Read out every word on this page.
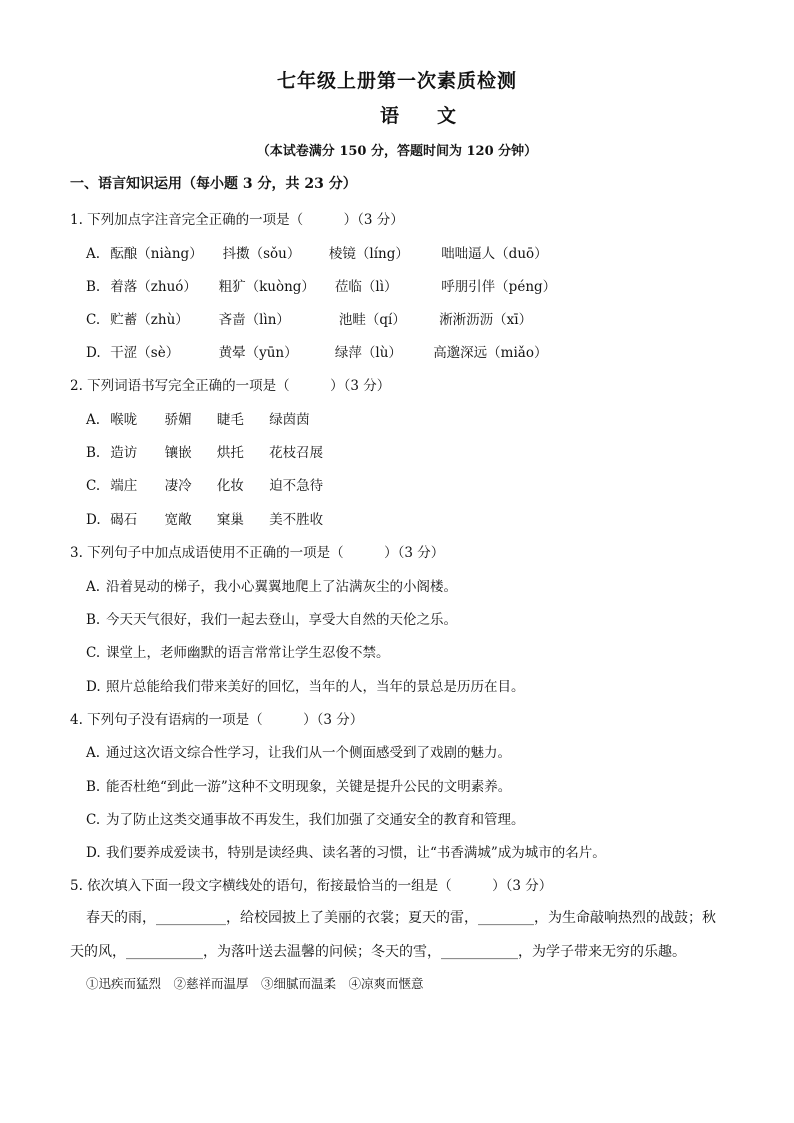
七年级上册第一次素质检测
语　　文
（本试卷满分 150 分，答题时间为 120 分钟）
一、语言知识运用（每小题 3 分，共 23 分）
1. 下列加点字注音完全正确的一项是（　　　）（3 分）
A. 酝酿（niàng） 抖擞（sǒu） 棱镜（líng） 咄咄逼人（duō）
B. 着落（zhuó） 粗犷（kuòng） 莅临（lì）	呼朋引伴（péng）
C. 贮蓄（zhù） 吝啬（lìn）	池畦（qí） 淅淅沥沥（xī）
D. 干涩（sè）	黄晕（yūn）	绿萍（lù） 高邈深远（miǎo）
2. 下列词语书写完全正确的一项是（　　　）（3 分）
A. 喉咙 骄媚 睫毛 绿茵茵
B. 造访 镶嵌 烘托 花枝召展
C. 端庄 凄冷 化妆 迫不急待
D. 碣石 宽敞 窠巢 美不胜收
3. 下列句子中加点成语使用不正确的一项是（　　　）（3 分）
A. 沿着晃动的梯子，我小心翼翼地爬上了沾满灰尘的小阁楼。
B. 今天天气很好，我们一起去登山，享受大自然的天伦之乐。
C. 课堂上，老师幽默的语言常常让学生忍俊不禁。
D. 照片总能给我们带来美好的回忆，当年的人，当年的景总是历历在目。
4. 下列句子没有语病的一项是（　　　）（3 分）
A. 通过这次语文综合性学习，让我们从一个侧面感受到了戏剧的魅力。
B. 能否杜绝“到此一游”这种不文明现象，关键是提升公民的文明素养。
C. 为了防止这类交通事故不再发生，我们加强了交通安全的教育和管理。
D. 我们要养成爱读书，特别是读经典、读名著的习惯，让“书香满城”成为城市的名片。
5. 依次填入下面一段文字横线处的语句，衔接最恰当的一组是（　　　）（3 分）
春天的雨，__________，给校园披上了美丽的衣裳；夏天的雷，________，为生命敲响热烈的战鼓；秋
天的风，___________，为落叶送去温馨的问候；冬天的雪，___________，为学子带来无穷的乐趣。
①迅疾而猛烈　②慈祥而温厚　③细腻而温柔　④凉爽而惬意
